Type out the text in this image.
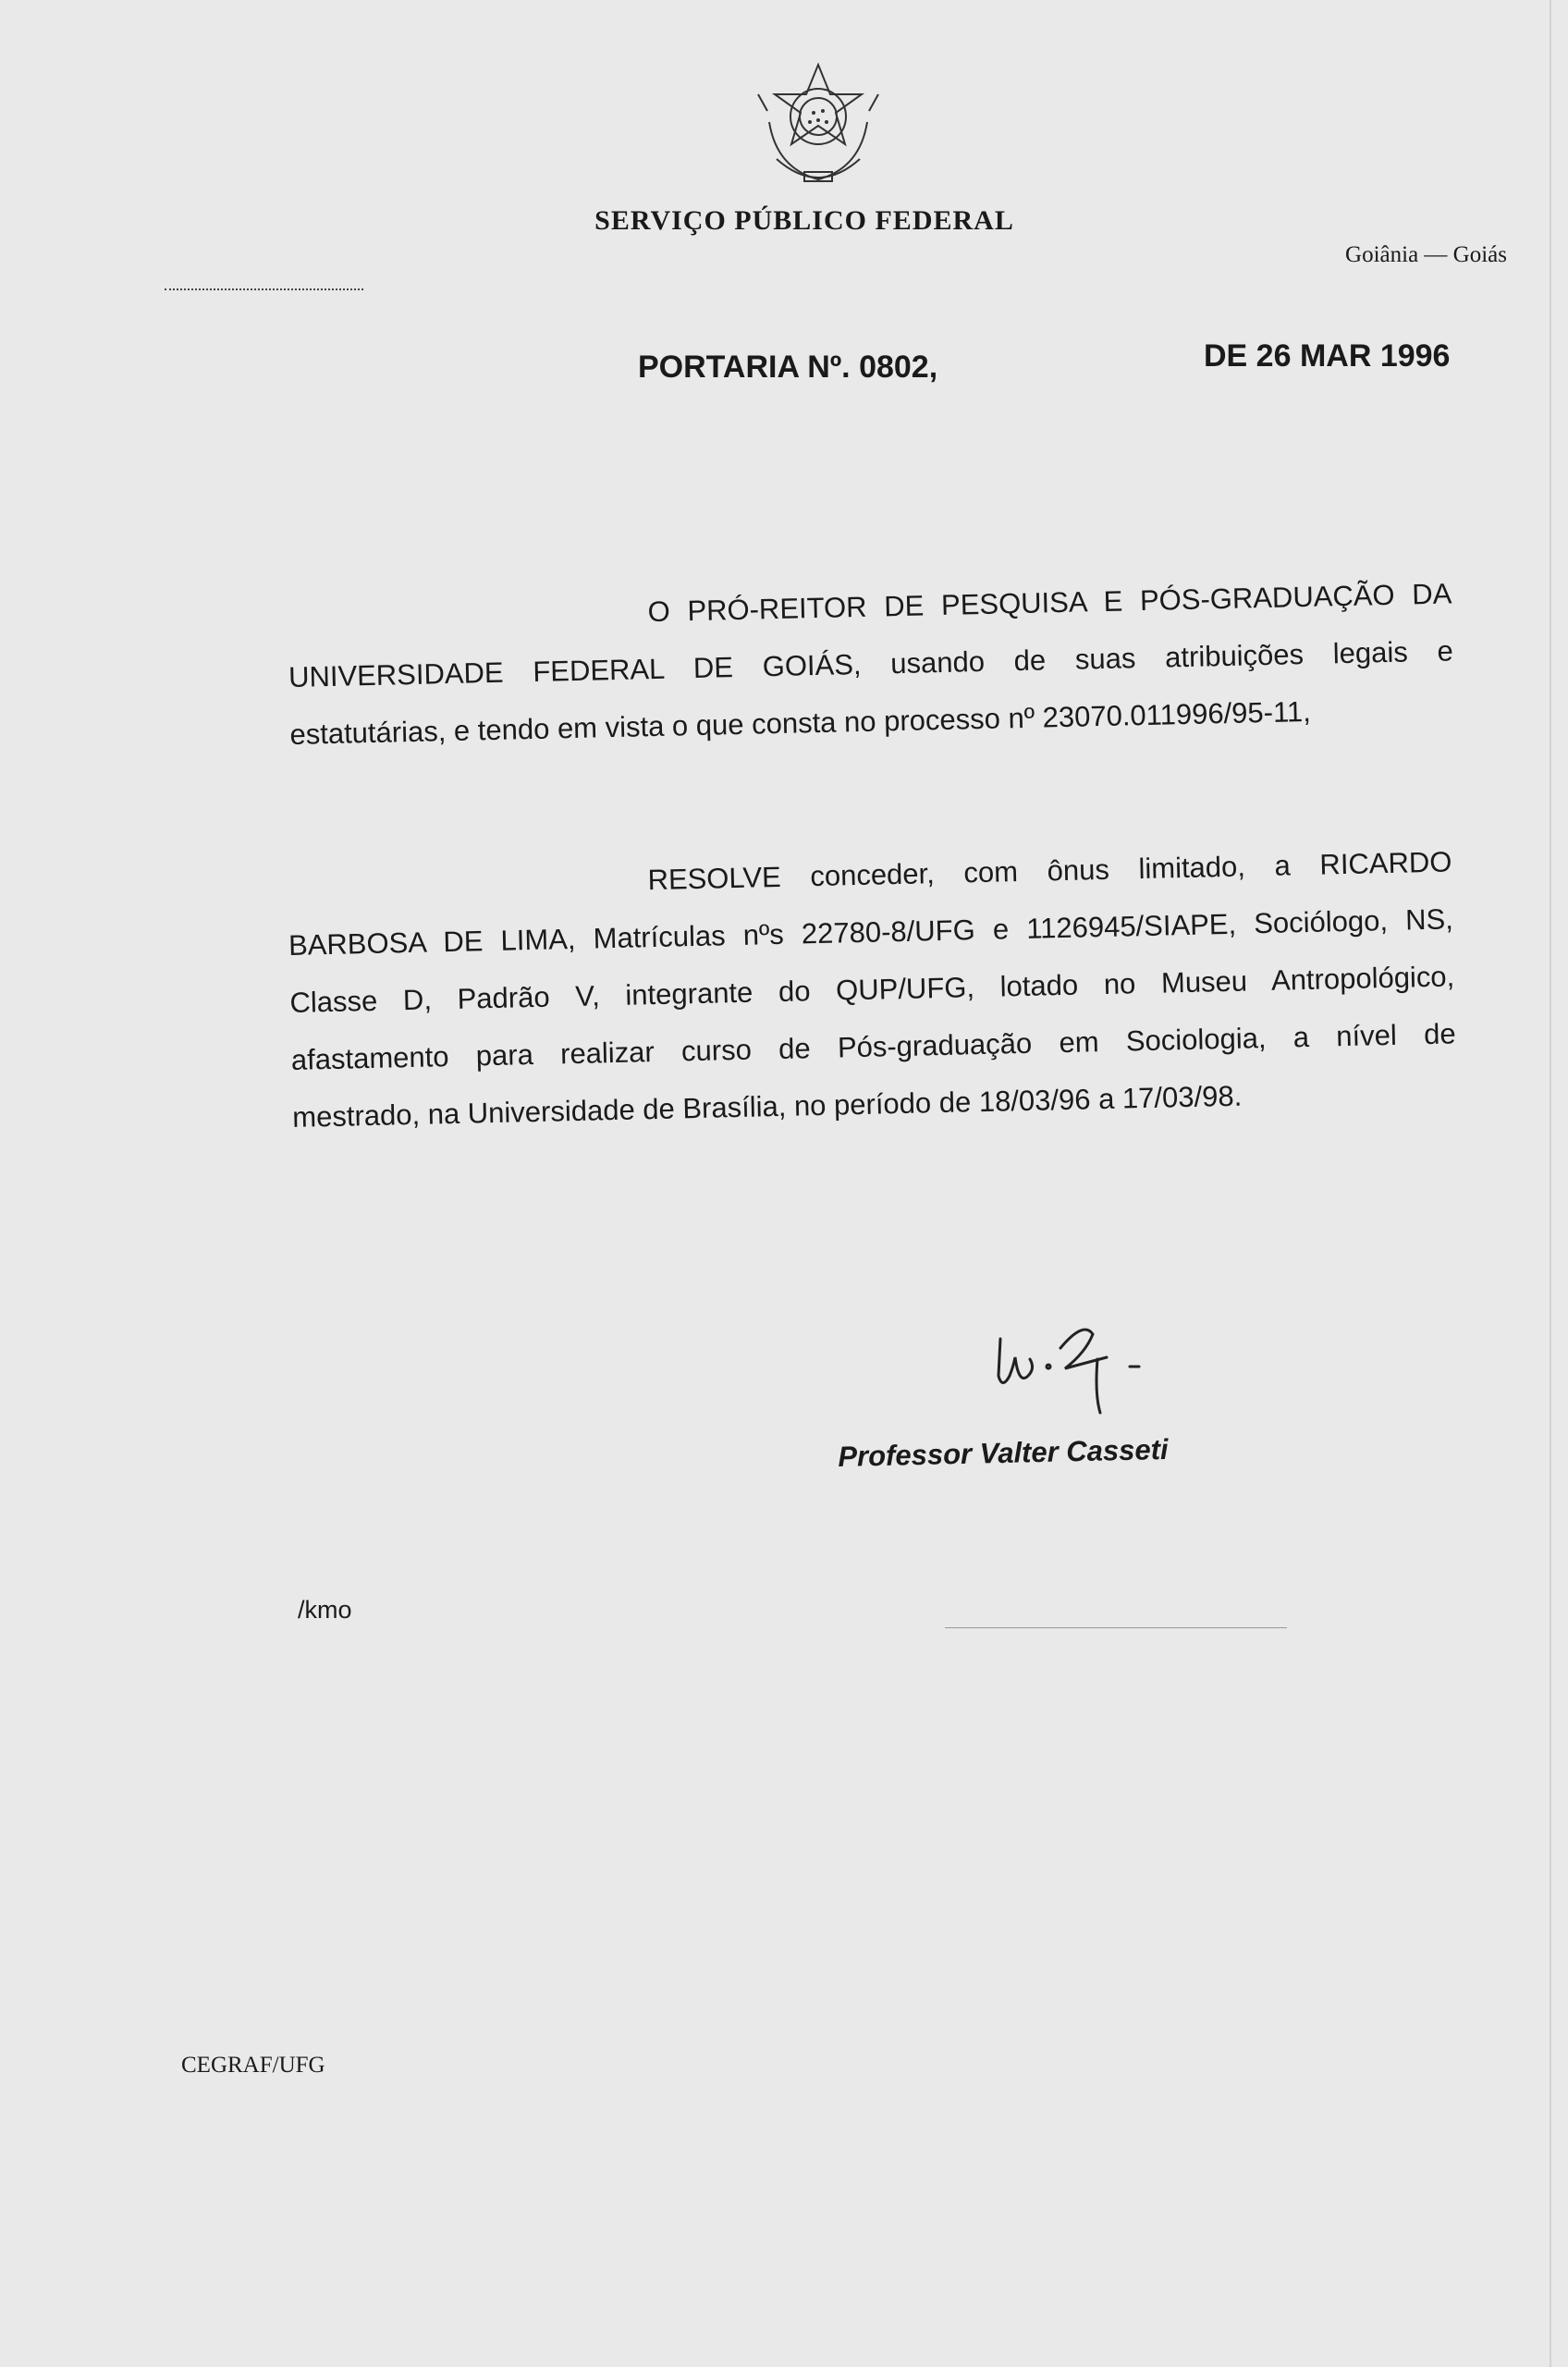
SERVIÇO PÚBLICO FEDERAL
Goiânia — Goiás
PORTARIA Nº. 0802,	DE 26 MAR 1996
O PRÓ-REITOR DE PESQUISA E PÓS-GRADUAÇÃO DA
UNIVERSIDADE FEDERAL DE GOIÁS, usando de suas atribuições legais e
estatutárias, e tendo em vista o que consta no processo nº 23070.011996/95-11,
RESOLVE conceder, com ônus limitado, a RICARDO
BARBOSA DE LIMA, Matrículas nºs 22780-8/UFG e 1126945/SIAPE, Sociólogo, NS,
Classe D, Padrão V, integrante do QUP/UFG, lotado no Museu Antropológico,
afastamento para realizar curso de Pós-graduação em Sociologia, a nível de
mestrado, na Universidade de Brasília, no período de 18/03/96 a 17/03/98.
Professor Valter Casseti
/kmo
CEGRAF/UFG
